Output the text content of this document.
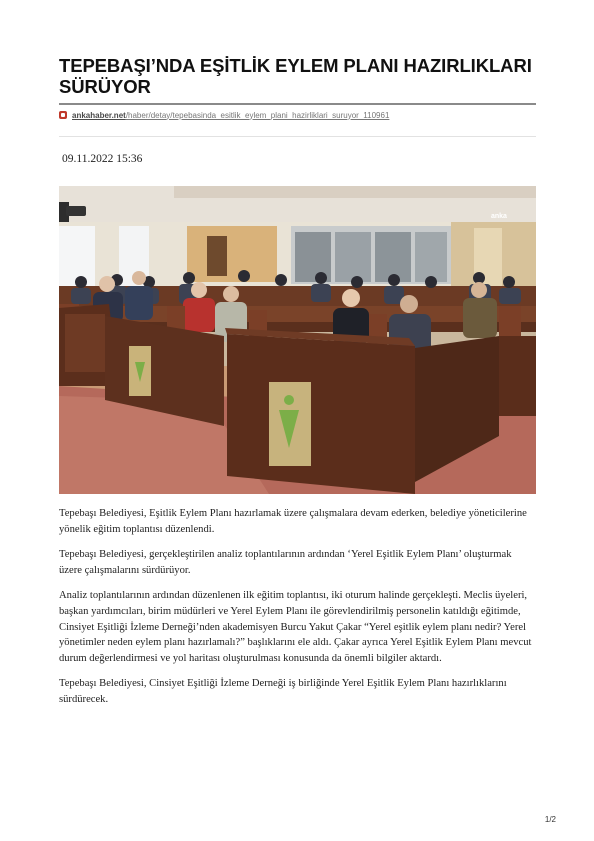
TEPEBAŞI’NDA EŞİTLİK EYLEM PLANI HAZIRLIKLARI SÜRÜYOR
ankahaber.net /haber/detay/tepebasinda_esitlik_eylem_plani_hazirliklari_suruyor_110961
09.11.2022 15:36
anka

Tepebaşı Belediyesi, Eşitlik Eylem Planı hazırlamak üzere çalışmalara devam ederken, belediye yöneticilerine yönelik eğitim toplantısı düzenlendi.

Tepebaşı Belediyesi, gerçekleştirilen analiz toplantılarının ardından ‘Yerel Eşitlik Eylem Planı’ oluşturmak üzere çalışmalarını sürdürüyor.

Analiz toplantılarının ardından düzenlenen ilk eğitim toplantısı, iki oturum halinde gerçekleşti. Meclis üyeleri, başkan yardımcıları, birim müdürleri ve Yerel Eylem Planı ile görevlendirilmiş personelin katıldığı eğitimde, Cinsiyet Eşitliği İzleme Derneği’nden akademisyen Burcu Yakut Çakar “Yerel eşitlik eylem planı nedir? Yerel yönetimler neden eylem planı hazırlamalı?” başlıklarını ele aldı. Çakar ayrıca Yerel Eşitlik Eylem Planı mevcut durum değerlendirmesi ve yol haritası oluşturulması konusunda da önemli bilgiler aktardı.

Tepebaşı Belediyesi, Cinsiyet Eşitliği İzleme Derneği iş birliğinde Yerel Eşitlik Eylem Planı hazırlıklarını sürdürecek.

1/2
